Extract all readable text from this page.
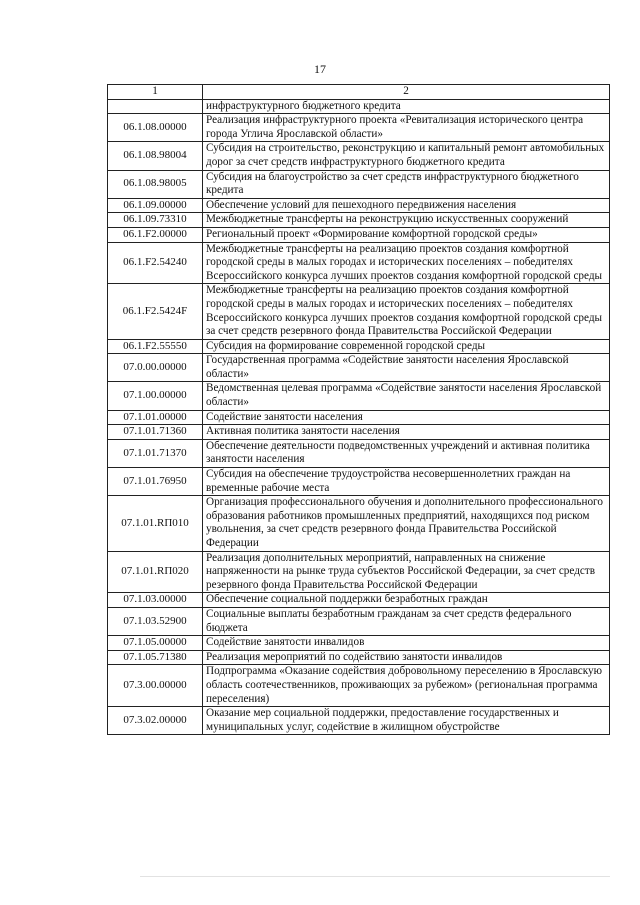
17
1	2
	инфраструктурного бюджетного кредита
06.1.08.00000	Реализация инфраструктурного проекта «Ревитализация исторического центра города Углича Ярославской области»
06.1.08.98004	Субсидия на строительство, реконструкцию и капитальный ремонт автомобильных дорог за счет средств инфраструктурного бюджетного кредита
06.1.08.98005	Субсидия на благоустройство за счет средств инфраструктурного бюджетного кредита
06.1.09.00000	Обеспечение условий для пешеходного передвижения населения
06.1.09.73310	Межбюджетные трансферты на реконструкцию искусственных сооружений
06.1.F2.00000	Региональный проект «Формирование комфортной городской среды»
06.1.F2.54240	Межбюджетные трансферты на реализацию проектов создания комфортной городской среды в малых городах и исторических поселениях – победителях Всероссийского конкурса лучших проектов создания комфортной городской среды
06.1.F2.5424F	Межбюджетные трансферты на реализацию проектов создания комфортной городской среды в малых городах и исторических поселениях – победителях Всероссийского конкурса лучших проектов создания комфортной городской среды за счет средств резервного фонда Правительства Российской Федерации
06.1.F2.55550	Субсидия на формирование современной городской среды
07.0.00.00000	Государственная программа «Содействие занятости населения Ярославской области»
07.1.00.00000	Ведомственная целевая программа «Содействие занятости населения Ярославской области»
07.1.01.00000	Содействие занятости населения
07.1.01.71360	Активная политика занятости населения
07.1.01.71370	Обеспечение деятельности подведомственных учреждений и активная политика занятости населения
07.1.01.76950	Субсидия на обеспечение трудоустройства несовершеннолетних граждан на временные рабочие места
07.1.01.RП010	Организация профессионального обучения и дополнительного профессионального образования работников промышленных предприятий, находящихся под риском увольнения, за счет средств резервного фонда Правительства Российской Федерации
07.1.01.RП020	Реализация дополнительных мероприятий, направленных на снижение напряженности на рынке труда субъектов Российской Федерации, за счет средств резервного фонда Правительства Российской Федерации
07.1.03.00000	Обеспечение социальной поддержки безработных граждан
07.1.03.52900	Социальные выплаты безработным гражданам за счет средств федерального бюджета
07.1.05.00000	Содействие занятости инвалидов
07.1.05.71380	Реализация мероприятий по содействию занятости инвалидов
07.3.00.00000	Подпрограмма «Оказание содействия добровольному переселению в Ярославскую область соотечественников, проживающих за рубежом» (региональная программа переселения)
07.3.02.00000	Оказание мер социальной поддержки, предоставление государственных и муниципальных услуг, содействие в жилищном обустройстве
